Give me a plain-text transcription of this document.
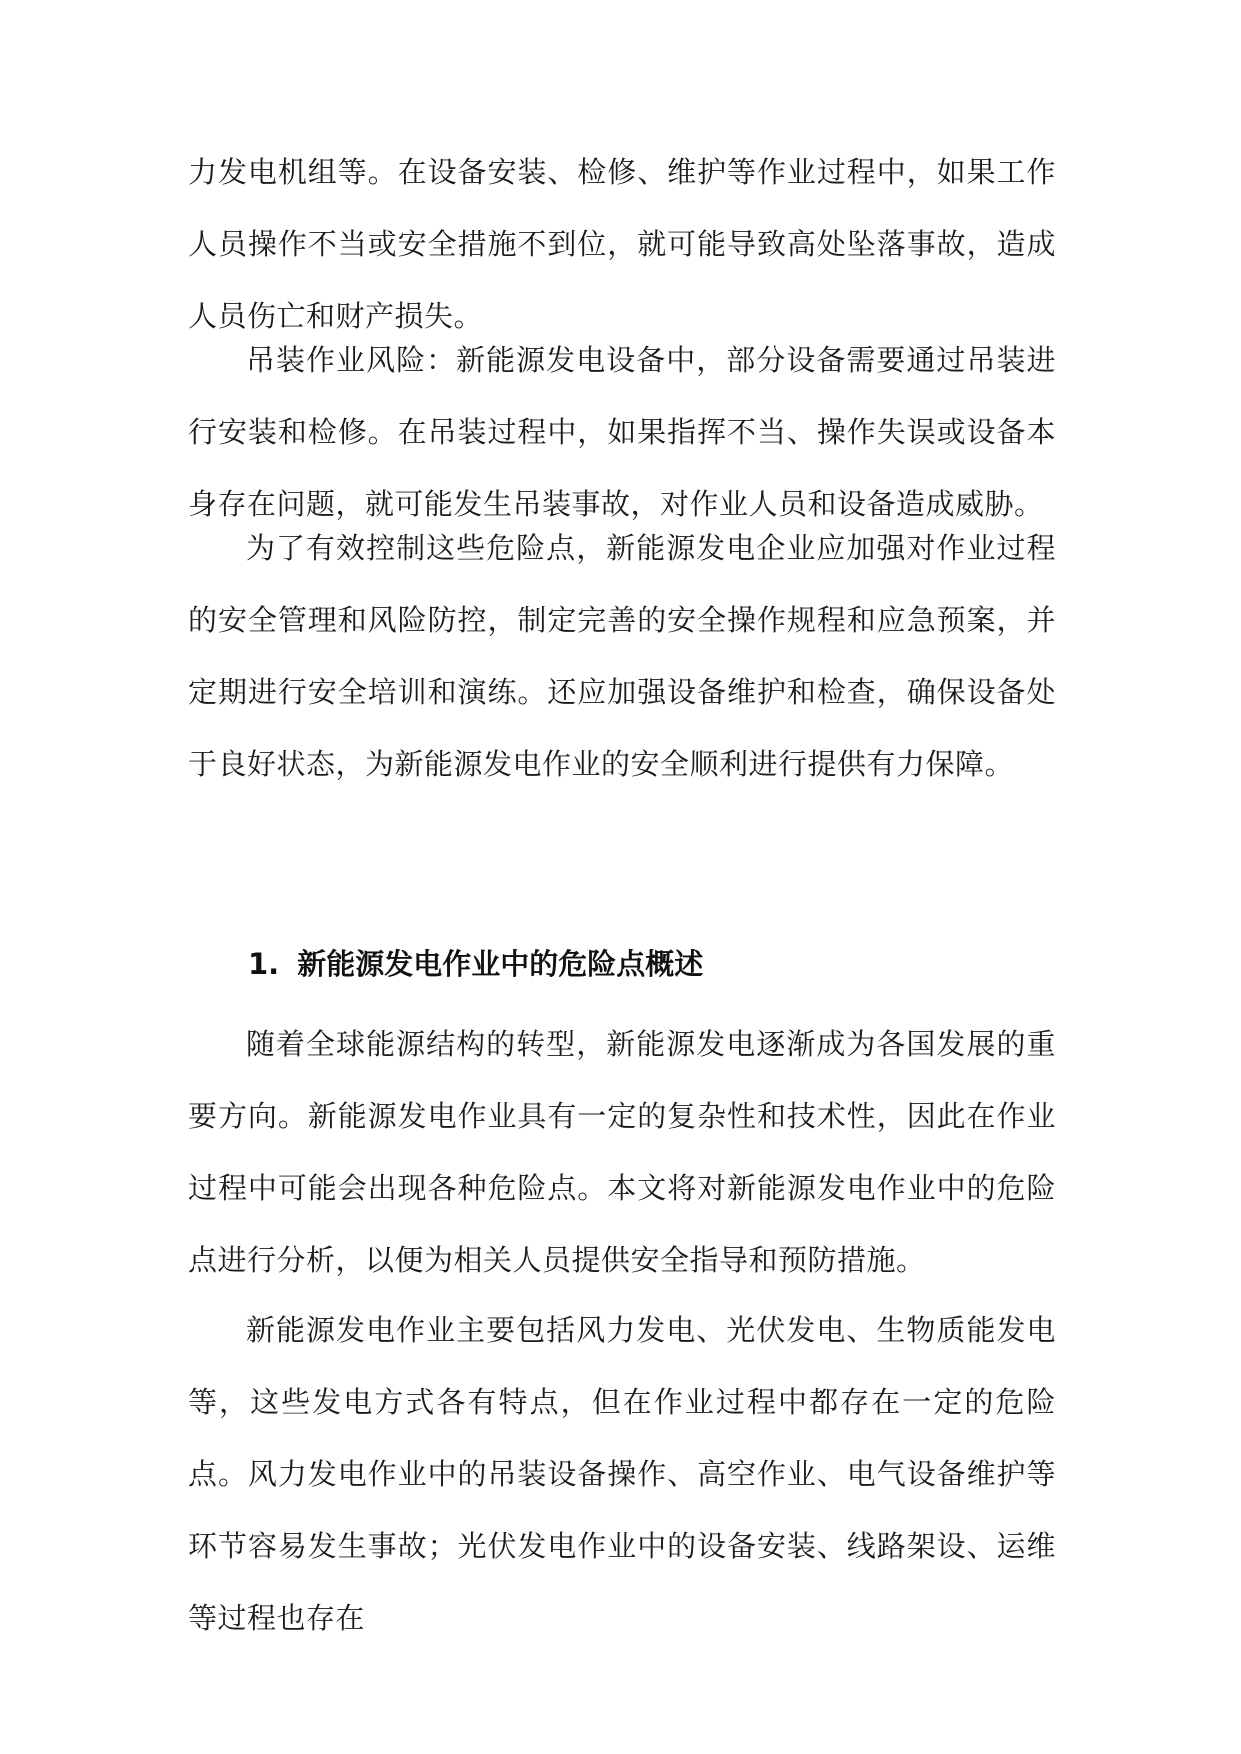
力发电机组等。在设备安装、检修、维护等作业过程中，如果工作人员操作不当或安全措施不到位，就可能导致高处坠落事故，造成人员伤亡和财产损失。

吊装作业风险：新能源发电设备中，部分设备需要通过吊装进行安装和检修。在吊装过程中，如果指挥不当、操作失误或设备本身存在问题，就可能发生吊装事故，对作业人员和设备造成威胁。

为了有效控制这些危险点，新能源发电企业应加强对作业过程的安全管理和风险防控，制定完善的安全操作规程和应急预案，并定期进行安全培训和演练。还应加强设备维护和检查，确保设备处于良好状态，为新能源发电作业的安全顺利进行提供有力保障。

1. 新能源发电作业中的危险点概述

随着全球能源结构的转型，新能源发电逐渐成为各国发展的重要方向。新能源发电作业具有一定的复杂性和技术性，因此在作业过程中可能会出现各种危险点。本文将对新能源发电作业中的危险点进行分析，以便为相关人员提供安全指导和预防措施。

新能源发电作业主要包括风力发电、光伏发电、生物质能发电等，这些发电方式各有特点，但在作业过程中都存在一定的危险点。风力发电作业中的吊装设备操作、高空作业、电气设备维护等环节容易发生事故；光伏发电作业中的设备安装、线路架设、运维等过程也存在
